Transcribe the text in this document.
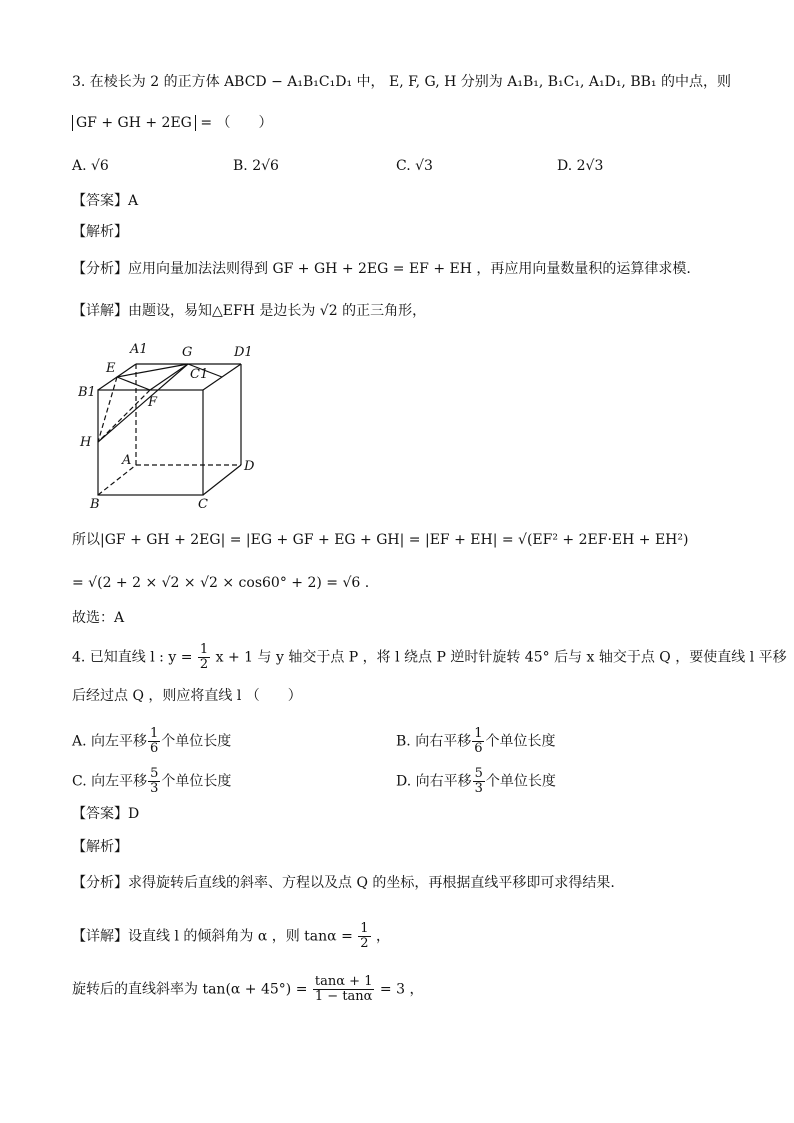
3. 在棱长为 2 的正方体 ABCD − A₁B₁C₁D₁ 中， E, F, G, H 分别为 A₁B₁, B₁C₁, A₁D₁, BB₁ 的中点，则
GF + GH + 2EG = （　　）
A. √6	B. 2√6	C. √3	D. 2√3
【答案】A
【解析】
【分析】应用向量加法法则得到 GF + GH + 2EG = EF + EH ，再应用向量数量积的运算律求模.
【详解】由题设，易知△EFH 是边长为 √2 的正三角形，
A1	G	D1
E	C1
B1
F
H
A	D
B	C
所以|GF + GH + 2EG| = |EG + GF + EG + GH| = |EF + EH| = √(EF² + 2EF·EH + EH²)
= √(2 + 2 × √2 × √2 × cos60° + 2) = √6 .
故选：A
4. 已知直线 l : $y = \frac{1}{2}$ x + 1 与 y 轴交于点 P ，将 l 绕点 P 逆时针旋转 45° 后与 x 轴交于点 Q ，要使直线 l 平移
后经过点 Q ，则应将直线 l （　　）
A. 向左平移 $\frac{1}{6}$ 个单位长度	B. 向右平移 $\frac{1}{6}$ 个单位长度
C. 向左平移 $\frac{5}{3}$ 个单位长度	D. 向右平移 $\frac{5}{3}$ 个单位长度
【答案】D
【解析】
【分析】求得旋转后直线的斜率、方程以及点 Q 的坐标，再根据直线平移即可求得结果.
【详解】设直线 l 的倾斜角为 α ，则 $\tan\alpha = \frac{1}{2}$ ，
旋转后的直线斜率为 $\tan(\alpha + 45^\circ) = \frac{\tan\alpha + 1}{1 - \tan\alpha} = 3$ ，
